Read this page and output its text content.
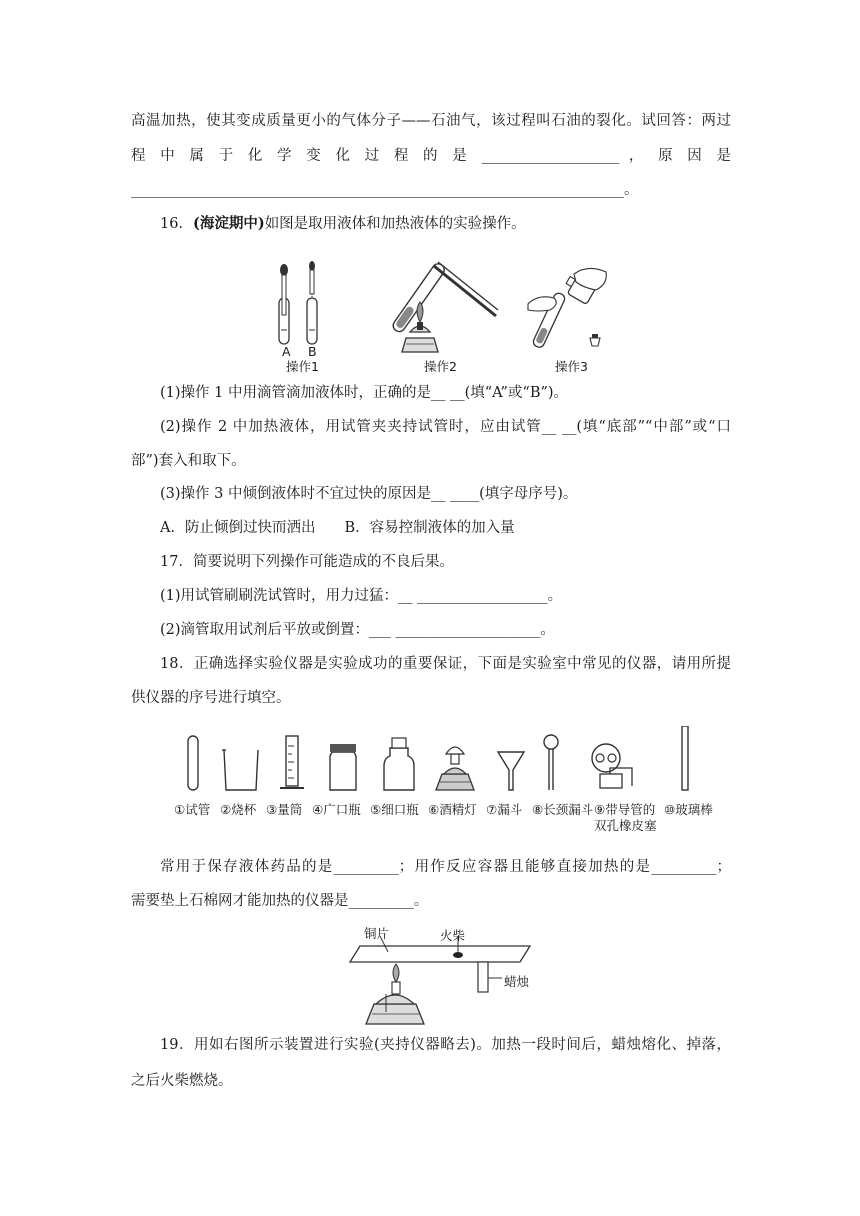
高温加热，使其变成质量更小的气体分子——石油气，该过程叫石油的裂化。试回答：两过
程 中 属 于 化 学 变 化 过 程 的 是 ___________________ ， 原 因 是
____________________________________________________________________。
16．(海淀期中)如图是取用液体和加热液体的实验操作。
A B
操作1	操作2	操作3
(1)操作 1 中用滴管滴加液体时，正确的是__ __(填“A”或“B”)。
(2)操作 2 中加热液体，用试管夹夹持试管时，应由试管__ __(填“底部”“中部”或“口
部”)套入和取下。
(3)操作 3 中倾倒液体时不宜过快的原因是__ ____(填字母序号)。
A．防止倾倒过快而洒出　　B．容易控制液体的加入量
17．简要说明下列操作可能造成的不良后果。
(1)用试管刷刷洗试管时，用力过猛：__ __________________。
(2)滴管取用试剂后平放或倒置：___ ____________________。
18．正确选择实验仪器是实验成功的重要保证，下面是实验室中常见的仪器，请用所提
供仪器的序号进行填空。
①试管 ②烧杯 ③量筒 ④广口瓶 ⑤细口瓶 ⑥酒精灯 ⑦漏斗 ⑧长颈漏斗 ⑨带导管的
双孔橡皮塞
⑩玻璃棒
常用于保存液体药品的是_________；用作反应容器且能够直接加热的是_________；
需要垫上石棉网才能加热的仪器是_________。
铜片	火柴
蜡烛
19．用如右图所示装置进行实验(夹持仪器略去)。加热一段时间后，蜡烛熔化、掉落，
之后火柴燃烧。
